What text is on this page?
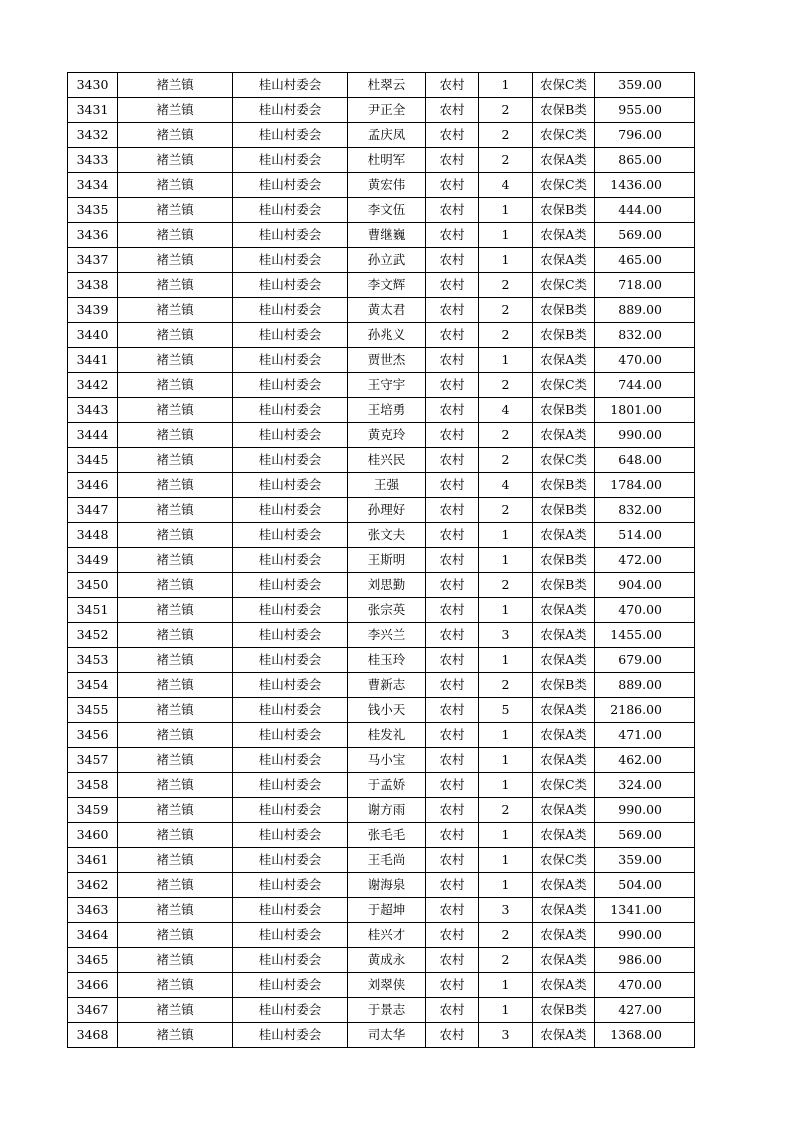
3430	褚兰镇	桂山村委会	杜翠云	农村	1	农保C类	359.00
3431	褚兰镇	桂山村委会	尹正全	农村	2	农保B类	955.00
3432	褚兰镇	桂山村委会	孟庆凤	农村	2	农保C类	796.00
3433	褚兰镇	桂山村委会	杜明军	农村	2	农保A类	865.00
3434	褚兰镇	桂山村委会	黄宏伟	农村	4	农保C类	1436.00
3435	褚兰镇	桂山村委会	李文伍	农村	1	农保B类	444.00
3436	褚兰镇	桂山村委会	曹继巍	农村	1	农保A类	569.00
3437	褚兰镇	桂山村委会	孙立武	农村	1	农保A类	465.00
3438	褚兰镇	桂山村委会	李文辉	农村	2	农保C类	718.00
3439	褚兰镇	桂山村委会	黄太君	农村	2	农保B类	889.00
3440	褚兰镇	桂山村委会	孙兆义	农村	2	农保B类	832.00
3441	褚兰镇	桂山村委会	贾世杰	农村	1	农保A类	470.00
3442	褚兰镇	桂山村委会	王守宇	农村	2	农保C类	744.00
3443	褚兰镇	桂山村委会	王培勇	农村	4	农保B类	1801.00
3444	褚兰镇	桂山村委会	黄克玲	农村	2	农保A类	990.00
3445	褚兰镇	桂山村委会	桂兴民	农村	2	农保C类	648.00
3446	褚兰镇	桂山村委会	王强	农村	4	农保B类	1784.00
3447	褚兰镇	桂山村委会	孙理好	农村	2	农保B类	832.00
3448	褚兰镇	桂山村委会	张文夫	农村	1	农保A类	514.00
3449	褚兰镇	桂山村委会	王斯明	农村	1	农保B类	472.00
3450	褚兰镇	桂山村委会	刘思勤	农村	2	农保B类	904.00
3451	褚兰镇	桂山村委会	张宗英	农村	1	农保A类	470.00
3452	褚兰镇	桂山村委会	李兴兰	农村	3	农保A类	1455.00
3453	褚兰镇	桂山村委会	桂玉玲	农村	1	农保A类	679.00
3454	褚兰镇	桂山村委会	曹新志	农村	2	农保B类	889.00
3455	褚兰镇	桂山村委会	钱小天	农村	5	农保A类	2186.00
3456	褚兰镇	桂山村委会	桂发礼	农村	1	农保A类	471.00
3457	褚兰镇	桂山村委会	马小宝	农村	1	农保A类	462.00
3458	褚兰镇	桂山村委会	于孟娇	农村	1	农保C类	324.00
3459	褚兰镇	桂山村委会	谢方雨	农村	2	农保A类	990.00
3460	褚兰镇	桂山村委会	张毛毛	农村	1	农保A类	569.00
3461	褚兰镇	桂山村委会	王毛尚	农村	1	农保C类	359.00
3462	褚兰镇	桂山村委会	谢海泉	农村	1	农保A类	504.00
3463	褚兰镇	桂山村委会	于超坤	农村	3	农保A类	1341.00
3464	褚兰镇	桂山村委会	桂兴才	农村	2	农保A类	990.00
3465	褚兰镇	桂山村委会	黄成永	农村	2	农保A类	986.00
3466	褚兰镇	桂山村委会	刘翠侠	农村	1	农保A类	470.00
3467	褚兰镇	桂山村委会	于景志	农村	1	农保B类	427.00
3468	褚兰镇	桂山村委会	司太华	农村	3	农保A类	1368.00
